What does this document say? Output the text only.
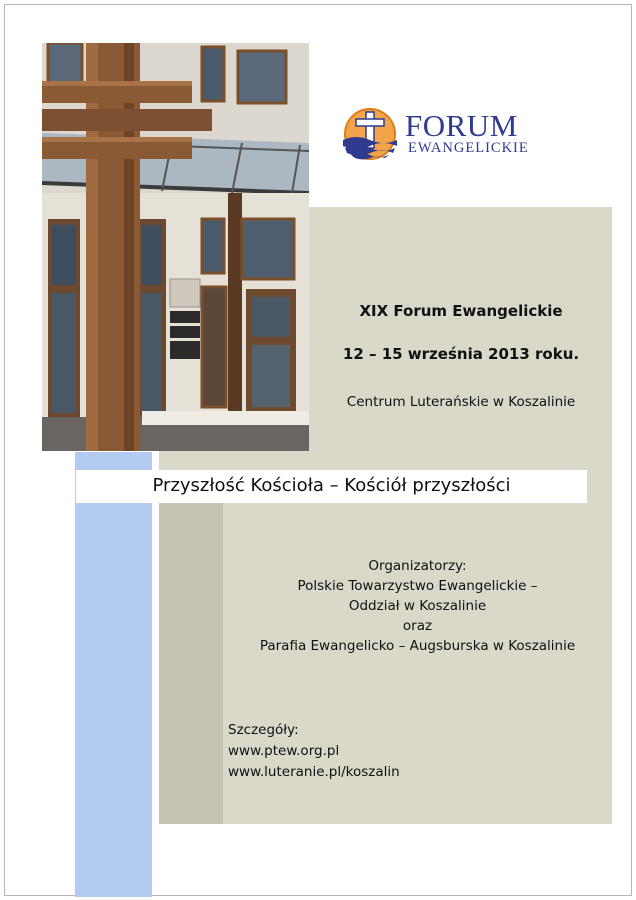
FORUM
EWANGELICKIE
XIX Forum Ewangelickie
12 – 15 września 2013 roku.
Centrum Luterańskie w Koszalinie
Przyszłość Kościoła – Kościół przyszłości
Organizatorzy:
Polskie Towarzystwo Ewangelickie –
Oddział w Koszalinie
oraz
Parafia Ewangelicko – Augsburska w Koszalinie
Szczegóły:
www.ptew.org.pl
www.luteranie.pl/koszalin
